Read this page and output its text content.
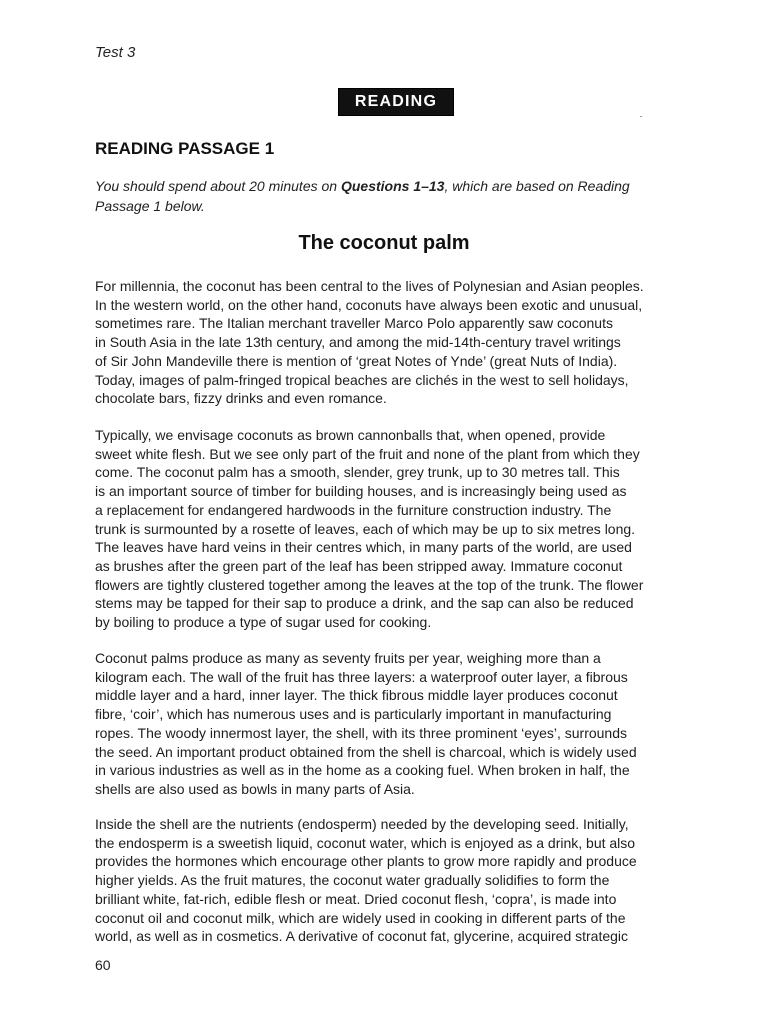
Test 3
READING
READING PASSAGE 1
You should spend about 20 minutes on Questions 1–13, which are based on Reading
Passage 1 below.
The coconut palm
For millennia, the coconut has been central to the lives of Polynesian and Asian peoples.
In the western world, on the other hand, coconuts have always been exotic and unusual,
sometimes rare. The Italian merchant traveller Marco Polo apparently saw coconuts
in South Asia in the late 13th century, and among the mid-14th-century travel writings
of Sir John Mandeville there is mention of ‘great Notes of Ynde’ (great Nuts of India).
Today, images of palm-fringed tropical beaches are clichés in the west to sell holidays,
chocolate bars, fizzy drinks and even romance.
Typically, we envisage coconuts as brown cannonballs that, when opened, provide
sweet white flesh. But we see only part of the fruit and none of the plant from which they
come. The coconut palm has a smooth, slender, grey trunk, up to 30 metres tall. This
is an important source of timber for building houses, and is increasingly being used as
a replacement for endangered hardwoods in the furniture construction industry. The
trunk is surmounted by a rosette of leaves, each of which may be up to six metres long.
The leaves have hard veins in their centres which, in many parts of the world, are used
as brushes after the green part of the leaf has been stripped away. Immature coconut
flowers are tightly clustered together among the leaves at the top of the trunk. The flower
stems may be tapped for their sap to produce a drink, and the sap can also be reduced
by boiling to produce a type of sugar used for cooking.
Coconut palms produce as many as seventy fruits per year, weighing more than a
kilogram each. The wall of the fruit has three layers: a waterproof outer layer, a fibrous
middle layer and a hard, inner layer. The thick fibrous middle layer produces coconut
fibre, ‘coir’, which has numerous uses and is particularly important in manufacturing
ropes. The woody innermost layer, the shell, with its three prominent ‘eyes’, surrounds
the seed. An important product obtained from the shell is charcoal, which is widely used
in various industries as well as in the home as a cooking fuel. When broken in half, the
shells are also used as bowls in many parts of Asia.
Inside the shell are the nutrients (endosperm) needed by the developing seed. Initially,
the endosperm is a sweetish liquid, coconut water, which is enjoyed as a drink, but also
provides the hormones which encourage other plants to grow more rapidly and produce
higher yields. As the fruit matures, the coconut water gradually solidifies to form the
brilliant white, fat-rich, edible flesh or meat. Dried coconut flesh, ‘copra’, is made into
coconut oil and coconut milk, which are widely used in cooking in different parts of the
world, as well as in cosmetics. A derivative of coconut fat, glycerine, acquired strategic
60
